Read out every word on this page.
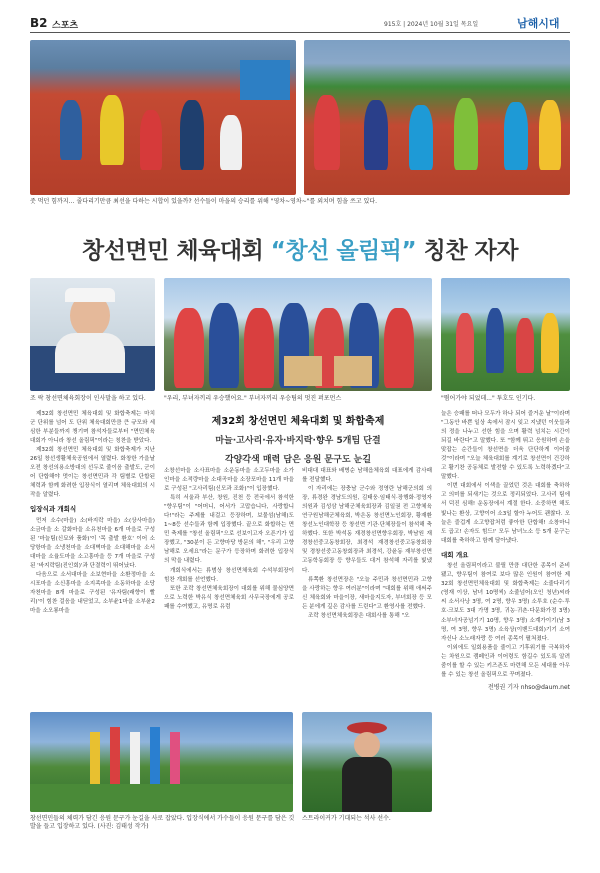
B2 스포츠	915호 | 2024년 10월 31일 목요일	남해시대
줏 먹던 힘까지… 줄다리기만큼 최선을 다하는 시합이 있을까? 선수들이 마을의 승리를 위해 "영차~영차~"를 외치며 힘을 쓰고 있다.
창선면민 체육대회 “창선 올림픽” 칭찬 자자
조 락 창선면체육회장이 인사말을 하고 있다.	"우리, 부녀자끼리 우승했어요." 부녀자끼리 우승팀의 멋진 퍼포먼스	"뜀어가야 되었데..." 투호도 인기다.

제32회 창선면민 체육대회 및 화합축제는 마치 군 단위를 넘어 도 단위 체육대회만큼 큰 규모와 세심한 부분들까지 챙기며 참석자들로부터 "면민체육대회가 아니라 창선 올림픽"이라는 칭찬을 받았다.

제32회 창선면민 체육대회 및 화합축제가 지난 26일 창선생활체육공원에서 열렸다. 화창한 가을날 오전 창선의용소방대의 선두로 줄이음 출발도, 군이어 단합해야 멋이는 창선면민과 각 팀별로 단합된 체력과 함께 화려한 입장식이 열리며 체육대회의 시작을 알렸다.

입장식과 개회식

먼저 소수(마을) 소(바지락 마을) 소(상사마을) 소금마을 소 갈화마을 소유천마을 6개 마을로 구성된 '마늘팀(신묘와 품화)'이 '목 출발 환호' 이어 소당항마을 소냉천마을 소대벽마을 소대해마을 소서대마을 소율도마을 소고흥마을 등 7개 마을로 구성된 '바지락팀(진인회)'과 단결력이 뛰어났다.

다음으로 소서대마을 소보현마을 소환정마을 소시포마을 소신흥마을 소지족마을 소동하마을 소당자천마을 8개 마을로 구성된 '유자팀(래향이 빨리)'이 힘찬 걸음을 내딛었고, 소부윤1마을 소부윤2마을 소오룡마을

제32회 창선면민 체육대회 및 화합축제
마늘·고사리·유자·바지락·향우 5개팀 단결
각양각색 매력 담은 응원 문구도 눈길

소창선마을 소사표마을 소운동마을 소고두마을 소가인마을 소적량마을 소대곡마을 소장포마을 11개 마을로 구성된 "고사리팀(신모과 조화)"이 입장했다.

특히 서울과 부산, 창원, 진천 등 전국에서 참석한 "향우팀"이 "어머니, 어서가 고맙습니다, 사랑합니다!"라는 주제를 내걸고 등장하며, 보물섬(남해)도 1~8등 선수들과 함께 입장했다. 끝으로 화합하는 면민 축제를 "창선 올림픽"으로 선보이고자 오픈기가 입장했고, "30분이 든 고향마당 방문의 해", "우리 고향 남해로 오세요"라는 문구가 등장하며 화려한 입장식의 막을 내렸다.

개회식에서는 류범상 창선면체육회 수석부회장이 힘찬 개회를 선언했다.

또한 조락 창선면체육회장이 대회를 위해 물심양면으로 노력한 박유식 창선면체육회 사무국장에게 공로패를 수여했고, 유명로 유럼

비대대 대표와 배병순 남해읍체육회 대표에게 감사패를 전달했다.

이 자리에는 장충남 군수와 정영란 남해군의회 의장, 류경완 경남도의원, 김태웅·임태식·장행화·정영자 의원과 김성삼 남해군체육회장과 김일권 전 고향체육연구원남해군체육회, 박은동 창선면노인회장, 황재환 창선노인대학장 등 창선면 기관·단체장들이 참석해 축하했다. 또한 박석동 재경창선면향우회장, 박남원 재경창선중고동창회장, 최경석 재경창선중고동창회장 및 경창선중고동창회장과 최경석, 강윤동 재부창선면고동학동회장 등 향우들도 대거 참석해 자리를 빛냈다.

류쪽환 창선면장은 "오늘 주민과 창선면민과 고향을 사랑하는 향우 여러분"이라며 "대회를 위해 애써주신 체육회와 마을이장, 새마을지도자, 부녀회장 등 모든 분에게 깊은 감사를 드린다"고 환영사를 전했다.

조락 창선면체육회장은 대회사를 통해 "오

늘은 승패를 떠나 모두가 하나 되어 즐거운 날"이라며 "그동안 바쁜 일상 속에서 잠시 잊고 지냈던 이웃들과의 정을 나누고 선한 힘을 으며 활력 넘치는 시간이 되길 바란다"고 말했다. 또 "함께 뛰고 응원하며 손을 맞잡는 순간들이 창선면을 더욱 단단하게 이어줄 것"이라며 "오늘 체육대회를 계기로 창선면이 건강하고 활기찬 공동체로 발전할 수 있도록 노력하겠다"고 말했다.

이번 대회에서 이색을 끌었던 것은 대회를 축하하고 의미를 되새기는 것으로 정리되었다. 고사리 팀에서 덕진 심해! 운동장에서 계절 한다. 소중하면 해도 빛나는 환상, 고향이어 소3일 할아 누어도 괜찮다. 오늘은 즐겁게 소고향잡처럼 좋아한 단합해! 소창마니도 곱고! 손자도 힘드!' 모두 남녀노소 등 5개 문구는 대회를 축하하고 함께 담아냈다.

대회 개요

창선 올림픽이라고 불릴 만큼 대단한 종목이 준비됐고, 향우팀이 참여로 보다 많은 인원이 참여한 제32회 창선면민체육대회 및 화합축제는 소줄다리기(영재 이상, 남녀 10명씩) 소줄넘어(오인 청년)씨라씨 소서사낭 3명, 여 2명, 향우 3명) 소투호 (순수·투호·크보도 3대 가명 3명, 귀농·귀촌·다문화가정 3명) 소부녀자공넘기기 10명, 향우 3명) 소계가이기(남 3명, 여 3명, 향우 3명) 소육상(이벤드대회)기기 소여자신나 소노래자랑 등 여러 종목이 펼쳐졌다.

이외에도 일회용품을 줄이고 기후위기를 극복하자는 차원으로 캠페인과 이어령도 함길수 있도록 알려줌이를 할 수 있는 키즈존도 마련해 모든 세대를 아우를 수 있는 창선 올림픽으로 꾸며졌다.

전병권 기자 nhso@daum.net
창선면민들의 체력가 담긴 응원 문구가 눈길을 사로 잡았다. 입장식에서 가수들이 응원 문구를 담은 깃발을 들고 입장하고 있다. (사진: 김태성 작가)
스트라이커가 기대되는 석사 선수.
